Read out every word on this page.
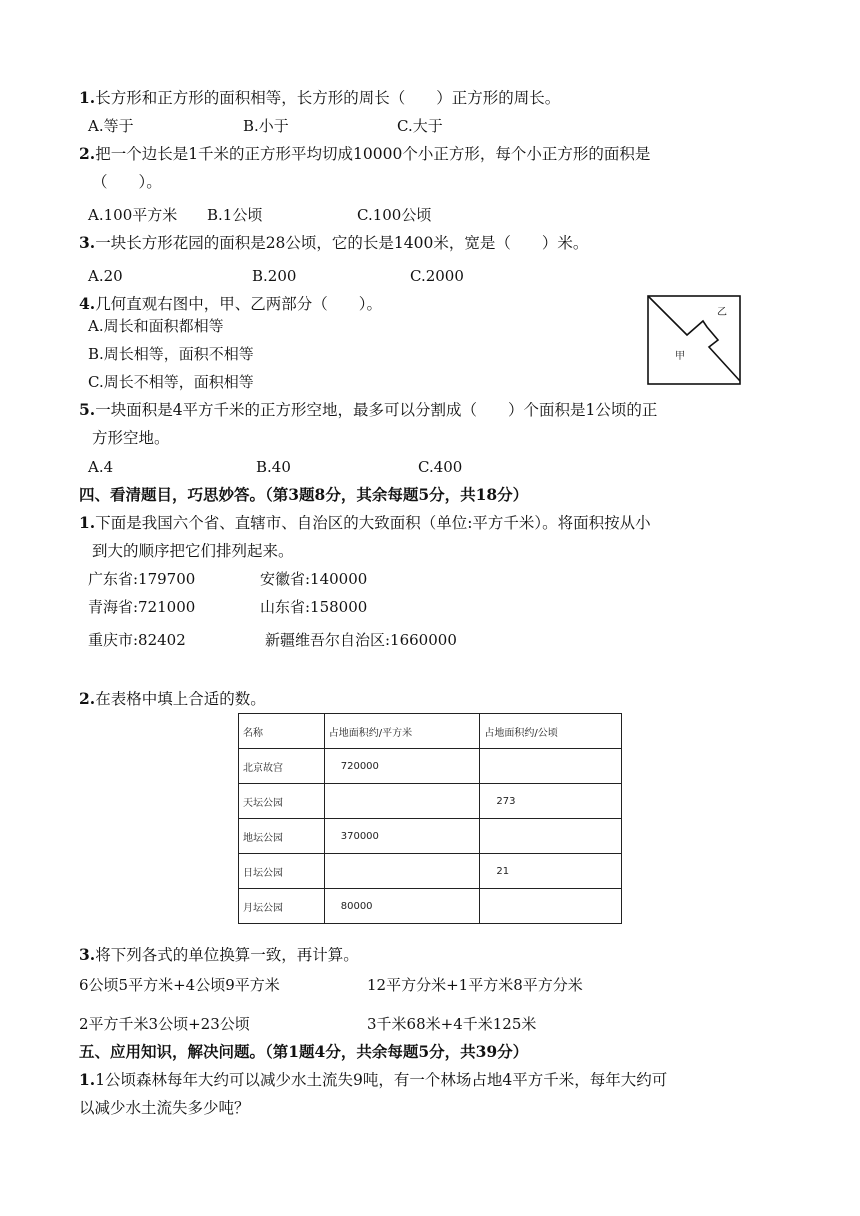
1.长方形和正方形的面积相等，长方形的周长（　　）正方形的周长。
A.等于	B.小于	C.大于
2.把一个边长是1千米的正方形平均切成10000个小正方形，每个小正方形的面积是
（　　）。
A.100平方米 B.1公顷	C.100公顷
3.一块长方形花园的面积是28公顷，它的长是1400米，宽是（　　）米。
A.20	B.200	C.2000
4.几何直观右图中，甲、乙两部分（　　）。
A.周长和面积都相等
B.周长相等，面积不相等
C.周长不相等，面积相等
甲
乙
5.一块面积是4平方千米的正方形空地，最多可以分割成（　　）个面积是1公顷的正
方形空地。
A.4	B.40	C.400
四、看清题目，巧思妙答。（第3题8分，其余每题5分，共18分）
1.下面是我国六个省、直辖市、自治区的大致面积（单位:平方千米）。将面积按从小
到大的顺序把它们排列起来。
广东省:179700	安徽省:140000
青海省:721000	山东省:158000
重庆市:82402	新疆维吾尔自治区:1660000
2.在表格中填上合适的数。
名称	占地面积约/平方米	占地面积约/公顷
北京故宫	720000	
天坛公园		273
地坛公园	370000	
日坛公园		21
月坛公园	80000	
3.将下列各式的单位换算一致，再计算。
6公顷5平方米+4公顷9平方米	12平方分米+1平方米8平方分米
2平方千米3公顷+23公顷	3千米68米+4千米125米
五、应用知识，解决问题。（第1题4分，共余每题5分，共39分）
1.1公顷森林每年大约可以减少水土流失9吨，有一个林场占地4平方千米，每年大约可
以减少水土流失多少吨？
